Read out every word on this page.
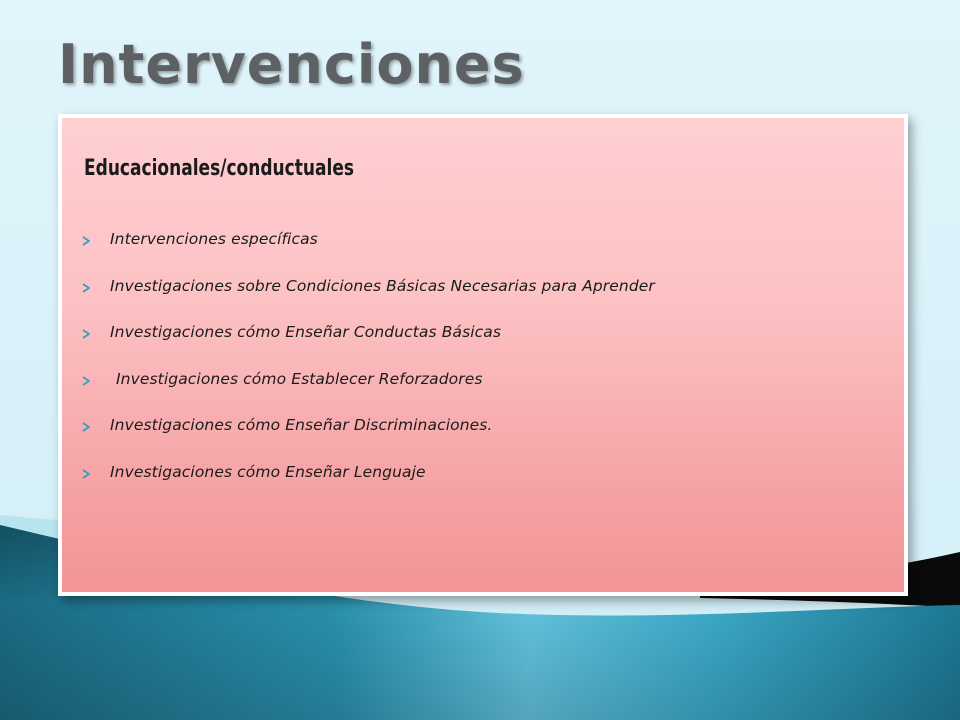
Intervenciones
Educacionales/conductuales
Intervenciones específicas
Investigaciones sobre Condiciones Básicas Necesarias para Aprender
Investigaciones cómo Enseñar Conductas Básicas
Investigaciones cómo Establecer Reforzadores
Investigaciones cómo Enseñar Discriminaciones.
Investigaciones cómo Enseñar Lenguaje
